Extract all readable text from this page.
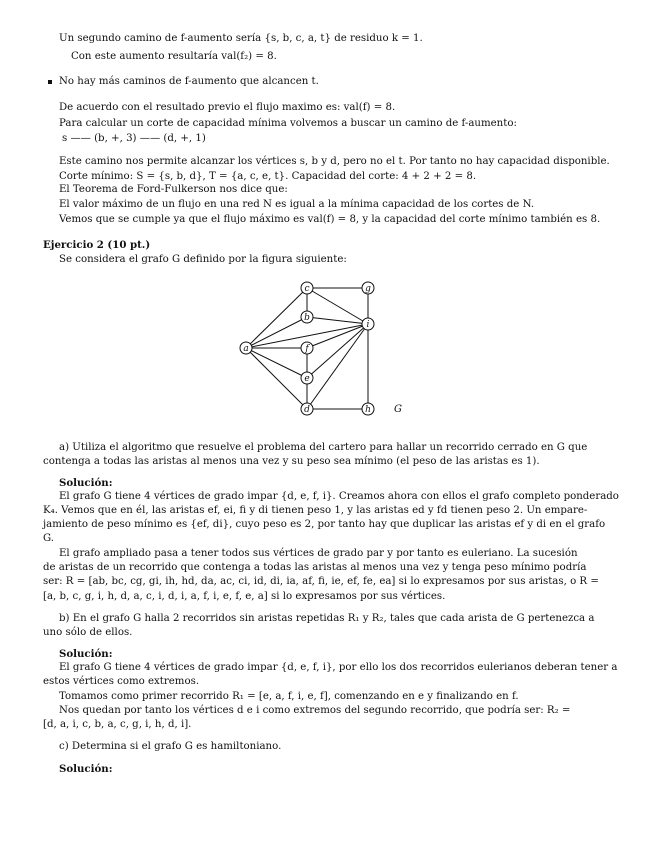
Un segundo camino de f-aumento sería {s, b, c, a, t} de residuo k = 1.
Con este aumento resultaría val(f₂) = 8.
No hay más caminos de f-aumento que alcancen t.
De acuerdo con el resultado previo el flujo maximo es: val(f) = 8.
Para calcular un corte de capacidad mínima volvemos a buscar un camino de f-aumento:
s —— (b, +, 3) —— (d, +, 1)
Este camino nos permite alcanzar los vértices s, b y d, pero no el t. Por tanto no hay capacidad disponible.
Corte mínimo: S = {s, b, d}, T = {a, c, e, t}. Capacidad del corte: 4 + 2 + 2 = 8.
El Teorema de Ford-Fulkerson nos dice que:
El valor máximo de un flujo en una red N es igual a la mínima capacidad de los cortes de N.
Vemos que se cumple ya que el flujo máximo es val(f) = 8, y la capacidad del corte mínimo también es 8.
Ejercicio 2 (10 pt.)
Se considera el grafo G definido por la figura siguiente:
a
b
c
d
e
f
g
h
i
G
a) Utiliza el algoritmo que resuelve el problema del cartero para hallar un recorrido cerrado en G que
contenga a todas las aristas al menos una vez y su peso sea mínimo (el peso de las aristas es 1).
Solución:
El grafo G tiene 4 vértices de grado impar {d, e, f, i}. Creamos ahora con ellos el grafo completo ponderado
K₄. Vemos que en él, las aristas ef, ei, fi y di tienen peso 1, y las aristas ed y fd tienen peso 2. Un empare-
jamiento de peso mínimo es {ef, di}, cuyo peso es 2, por tanto hay que duplicar las aristas ef y di en el grafo
G.
El grafo ampliado pasa a tener todos sus vértices de grado par y por tanto es euleriano. La sucesión
de aristas de un recorrido que contenga a todas las aristas al menos una vez y tenga peso mínimo podría
ser: R = [ab, bc, cg, gi, ih, hd, da, ac, ci, id, di, ia, af, fi, ie, ef, fe, ea] si lo expresamos por sus aristas, o R =
[a, b, c, g, i, h, d, a, c, i, d, i, a, f, i, e, f, e, a] si lo expresamos por sus vértices.
b) En el grafo G halla 2 recorridos sin aristas repetidas R₁ y R₂, tales que cada arista de G pertenezca a
uno sólo de ellos.
Solución:
El grafo G tiene 4 vértices de grado impar {d, e, f, i}, por ello los dos recorridos eulerianos deberan tener a
estos vértices como extremos.
Tomamos como primer recorrido R₁ = [e, a, f, i, e, f], comenzando en e y finalizando en f.
Nos quedan por tanto los vértices d e i como extremos del segundo recorrido, que podría ser: R₂ =
[d, a, i, c, b, a, c, g, i, h, d, i].
c) Determina si el grafo G es hamiltoniano.
Solución:
